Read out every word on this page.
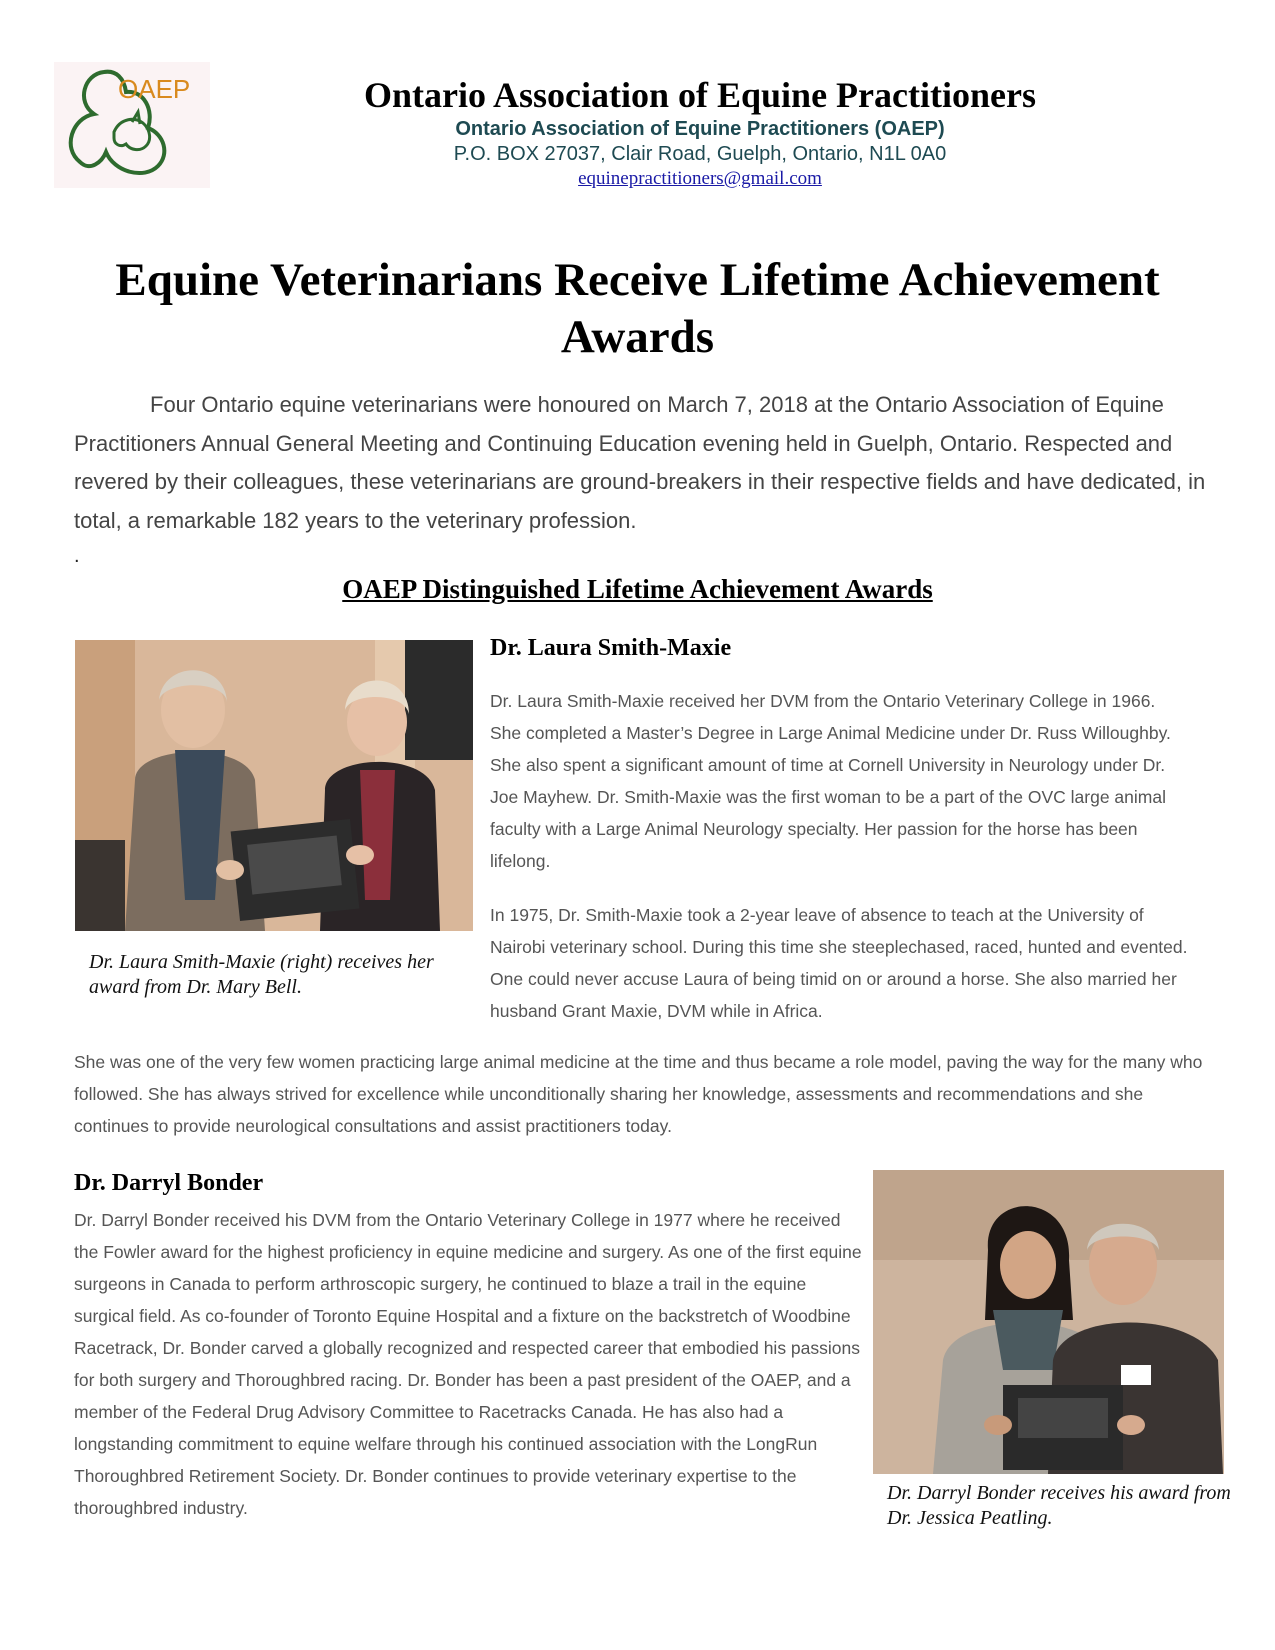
OAEP	Ontario Association of Equine Practitioners
Ontario Association of Equine Practitioners (OAEP)
P.O. BOX 27037, Clair Road, Guelph, Ontario, N1L 0A0
equinepractitioners@gmail.com
Equine Veterinarians Receive Lifetime Achievement Awards

Four Ontario equine veterinarians were honoured on March 7, 2018 at the Ontario Association of Equine Practitioners Annual General Meeting and Continuing Education evening held in Guelph, Ontario. Respected and revered by their colleagues, these veterinarians are ground-breakers in their respective fields and have dedicated, in total, a remarkable 182 years to the veterinary profession.

.
OAEP Distinguished Lifetime Achievement Awards

Dr. Laura Smith-Maxie (right) receives her award from Dr. Mary Bell.

Dr. Laura Smith-Maxie

Dr. Laura Smith-Maxie received her DVM from the Ontario Veterinary College in 1966. She completed a Master’s Degree in Large Animal Medicine under Dr. Russ Willoughby. She also spent a significant amount of time at Cornell University in Neurology under Dr. Joe Mayhew. Dr. Smith-Maxie was the first woman to be a part of the OVC large animal faculty with a Large Animal Neurology specialty. Her passion for the horse has been lifelong.

In 1975, Dr. Smith-Maxie took a 2-year leave of absence to teach at the University of Nairobi veterinary school. During this time she steeplechased, raced, hunted and evented. One could never accuse Laura of being timid on or around a horse. She also married her husband Grant Maxie, DVM while in Africa.

She was one of the very few women practicing large animal medicine at the time and thus became a role model, paving the way for the many who followed. She has always strived for excellence while unconditionally sharing her knowledge, assessments and recommendations and she continues to provide neurological consultations and assist practitioners today.

Dr. Darryl Bonder

Dr. Darryl Bonder received his DVM from the Ontario Veterinary College in 1977 where he received the Fowler award for the highest proficiency in equine medicine and surgery. As one of the first equine surgeons in Canada to perform arthroscopic surgery, he continued to blaze a trail in the equine surgical field. As co-founder of Toronto Equine Hospital and a fixture on the backstretch of Woodbine Racetrack, Dr. Bonder carved a globally recognized and respected career that embodied his passions for both surgery and Thoroughbred racing. Dr. Bonder has been a past president of the OAEP, and a member of the Federal Drug Advisory Committee to Racetracks Canada. He has also had a longstanding commitment to equine welfare through his continued association with the LongRun Thoroughbred Retirement Society. Dr. Bonder continues to provide veterinary expertise to the thoroughbred industry.

Dr. Darryl Bonder receives his award from Dr. Jessica Peatling.
